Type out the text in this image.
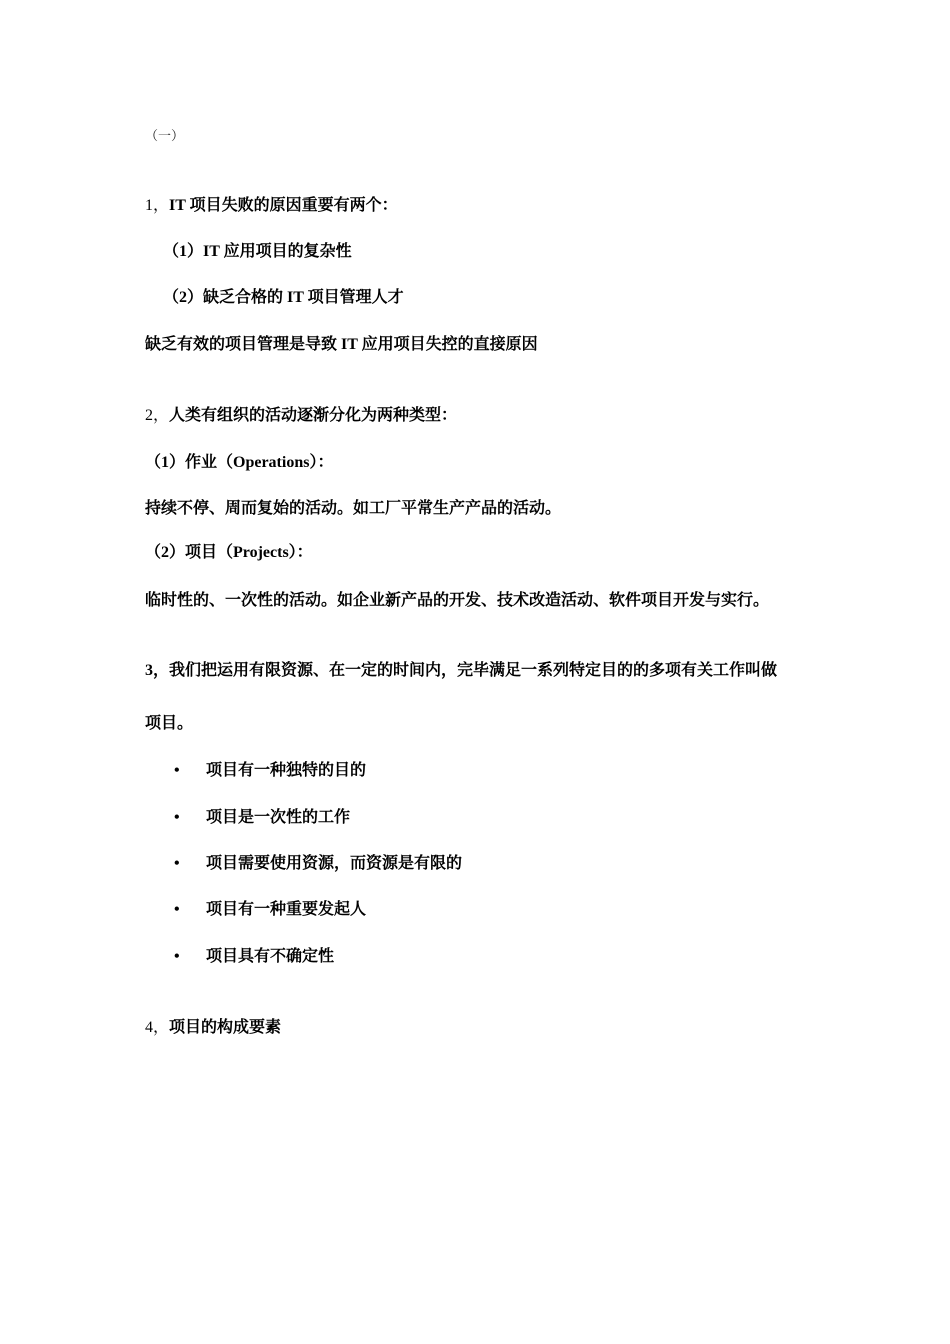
（一）
1，IT 项目失败的原因重要有两个：
（1）IT 应用项目的复杂性
（2）缺乏合格的 IT 项目管理人才
缺乏有效的项目管理是导致 IT 应用项目失控的直接原因
2，人类有组织的活动逐渐分化为两种类型：
（1）作业（Operations）：
持续不停、周而复始的活动。如工厂平常生产产品的活动。
（2）项目（Projects）：
临时性的、一次性的活动。如企业新产品的开发、技术改造活动、软件项目开发与实行。
3，我们把运用有限资源、在一定的时间内，完毕满足一系列特定目的的多项有关工作叫做
项目。
• 项目有一种独特的目的
• 项目是一次性的工作
• 项目需要使用资源，而资源是有限的
• 项目有一种重要发起人
• 项目具有不确定性
4，项目的构成要素
